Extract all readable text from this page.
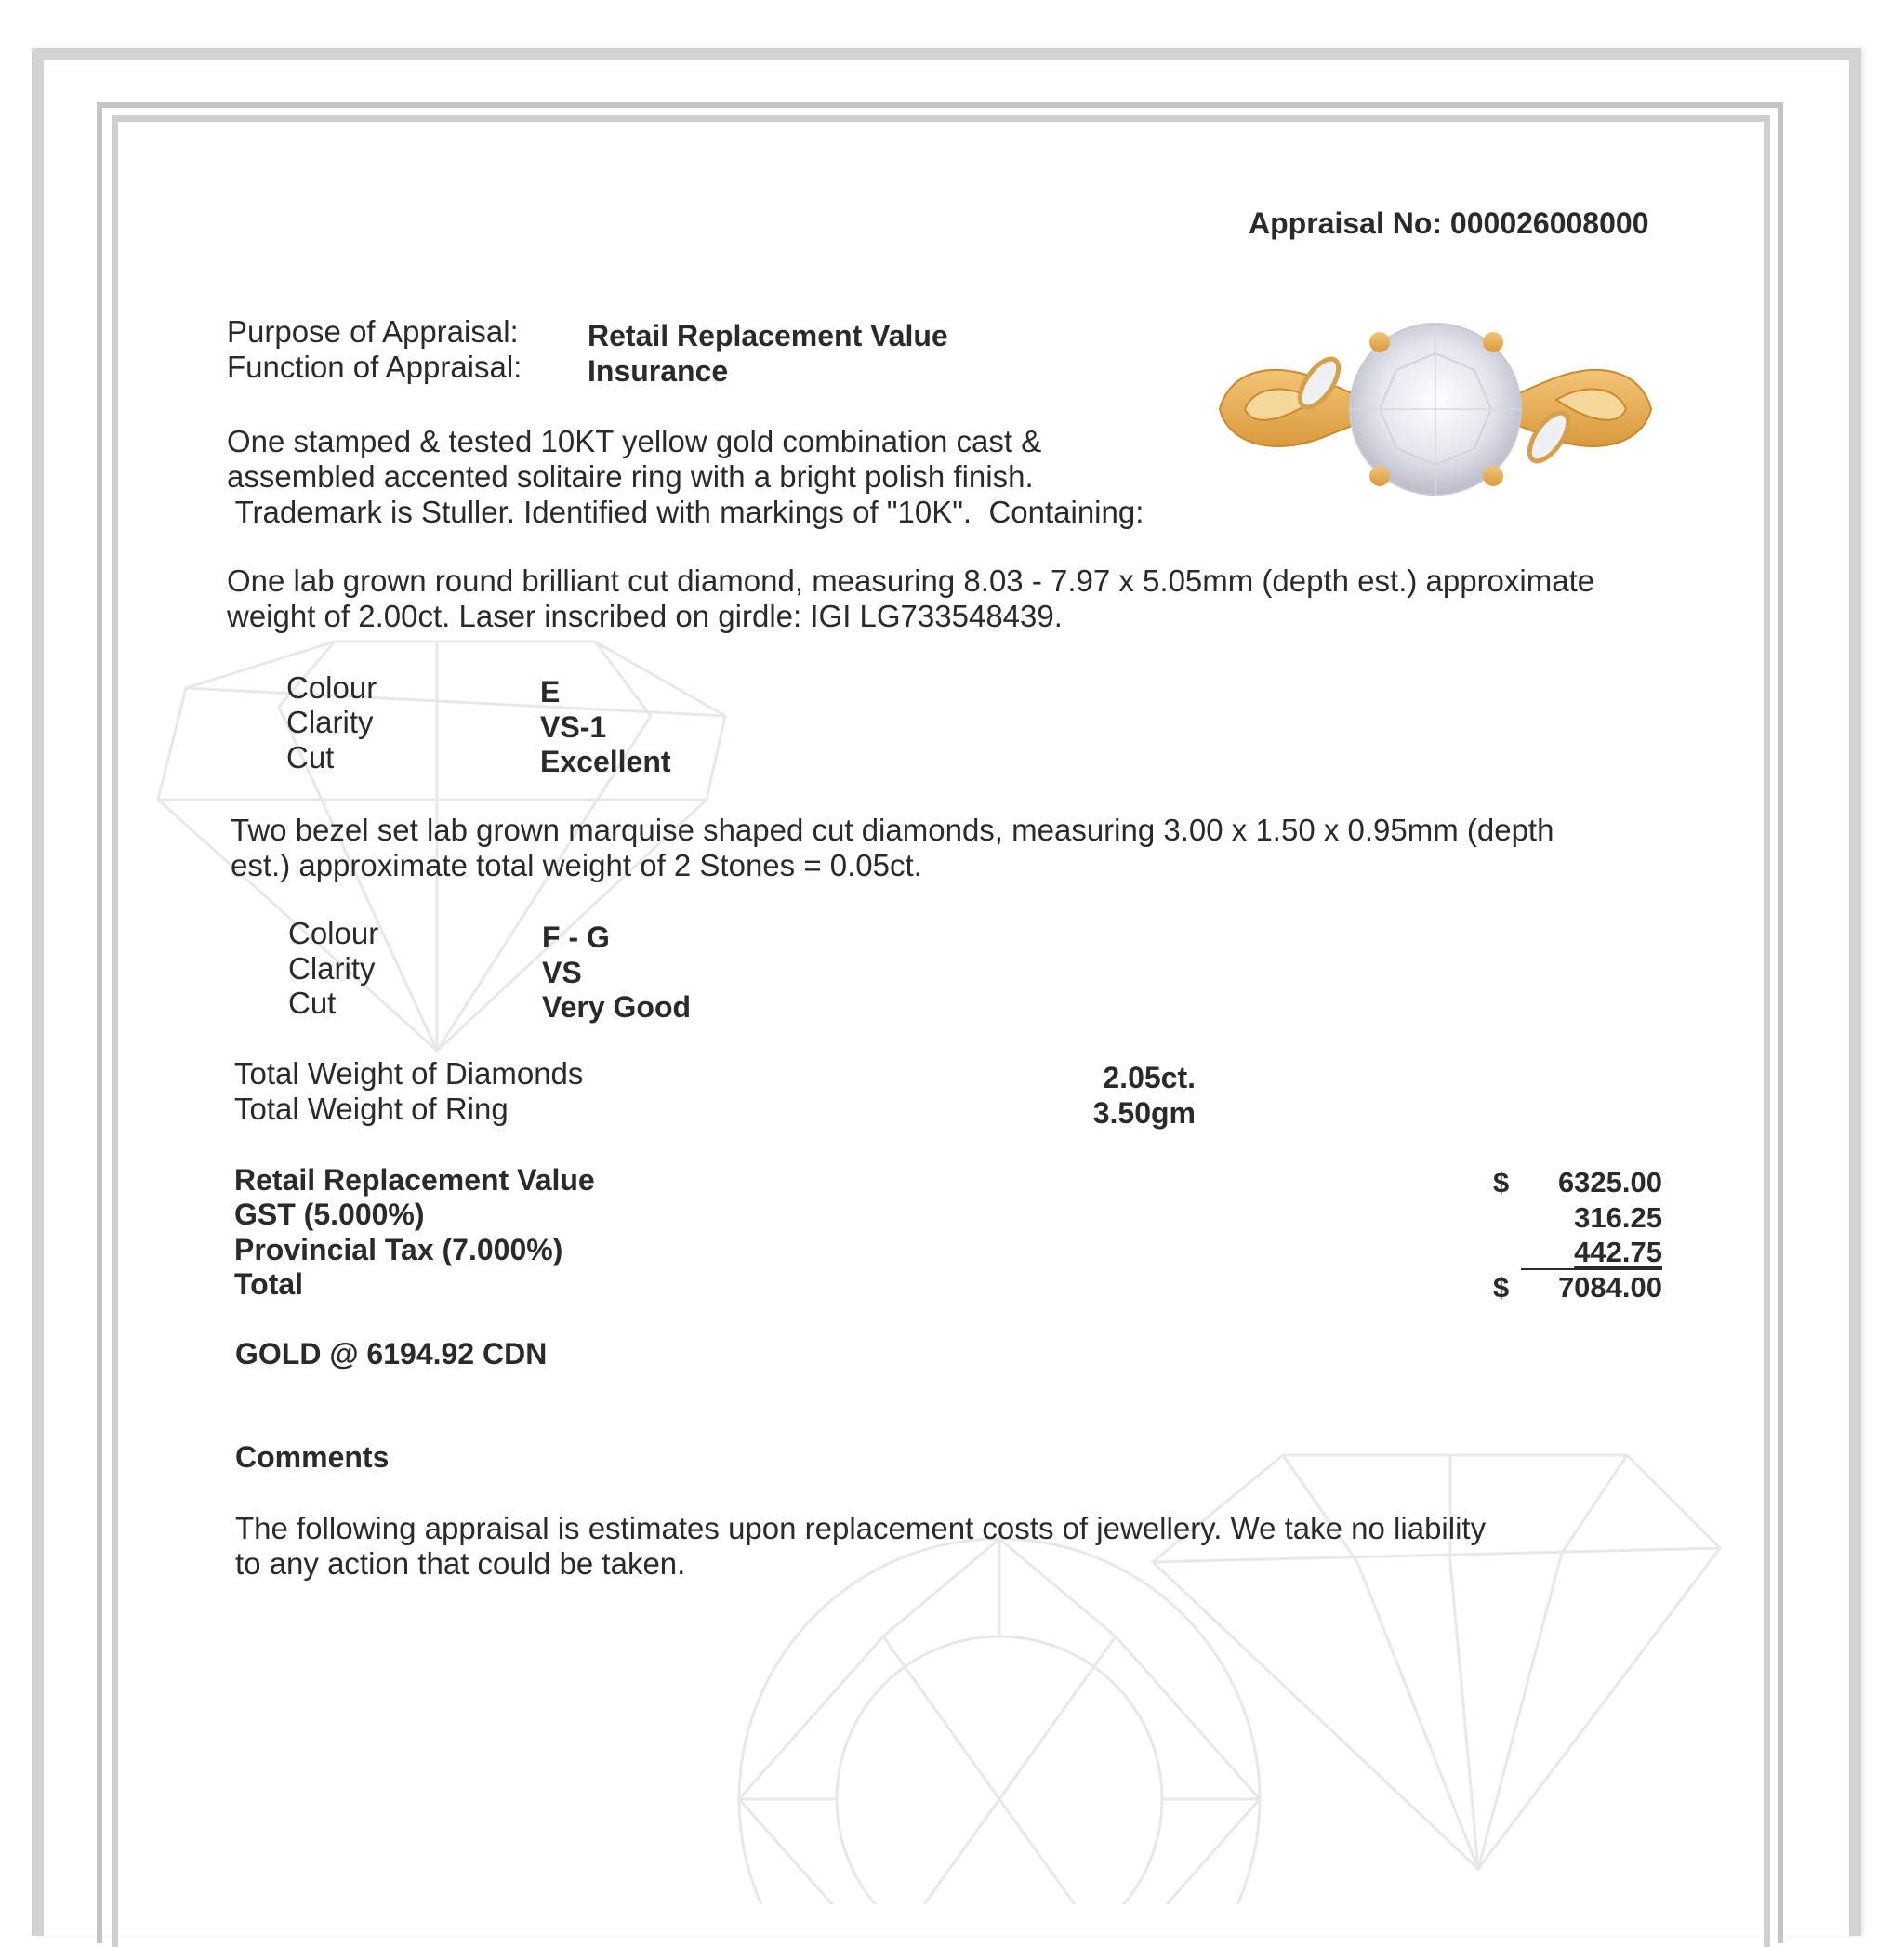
Appraisal No: 000026008000
Purpose of Appraisal: Retail Replacement Value
Function of Appraisal: Insurance
One stamped & tested 10KT yellow gold combination cast &
assembled accented solitaire ring with a bright polish finish.
Trademark is Stuller. Identified with markings of "10K".  Containing:
One lab grown round brilliant cut diamond, measuring 8.03 - 7.97 x 5.05mm (depth est.) approximate
weight of 2.00ct. Laser inscribed on girdle: IGI LG733548439.
Colour	E
Clarity	VS-1
Cut	Excellent
Two bezel set lab grown marquise shaped cut diamonds, measuring 3.00 x 1.50 x 0.95mm (depth
est.) approximate total weight of 2 Stones = 0.05ct.
Colour	F - G
Clarity	VS
Cut	Very Good
Total Weight of Diamonds	2.05ct.
Total Weight of Ring	3.50gm
Retail Replacement Value	$	6325.00
GST (5.000%)	316.25
Provincial Tax (7.000%)	442.75
Total	$	7084.00
GOLD @ 6194.92 CDN
Comments
The following appraisal is estimates upon replacement costs of jewellery. We take no liability
to any action that could be taken.
